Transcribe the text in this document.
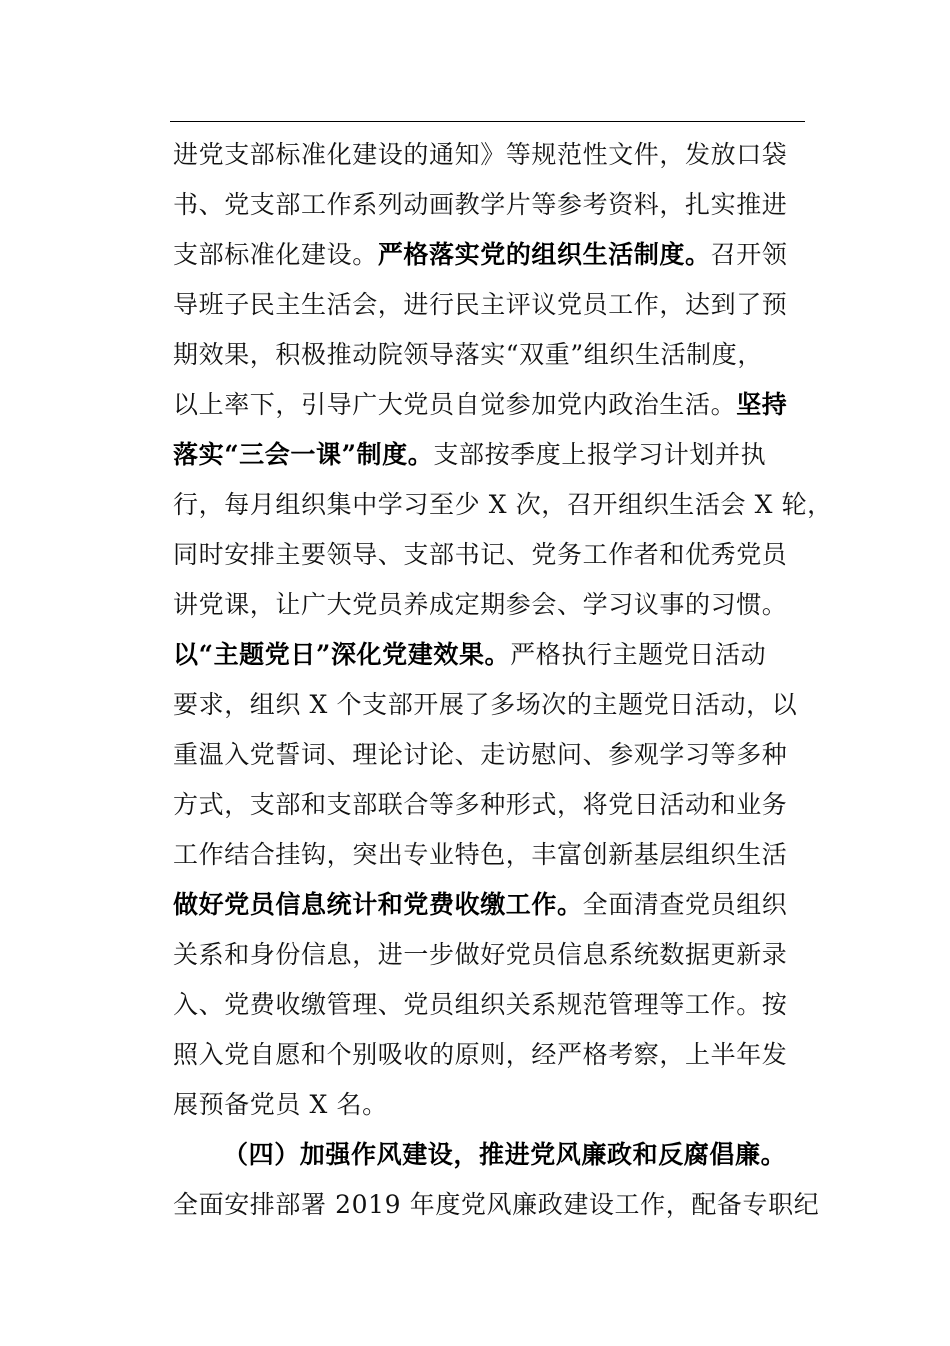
进党支部标准化建设的通知》等规范性文件，发放口袋
书、党支部工作系列动画教学片等参考资料，扎实推进
支部标准化建设。严格落实党的组织生活制度。召开领
导班子民主生活会，进行民主评议党员工作，达到了预
期效果，积极推动院领导落实“双重”组织生活制度，
以上率下，引导广大党员自觉参加党内政治生活。坚持
落实“三会一课”制度。支部按季度上报学习计划并执
行，每月组织集中学习至少 X 次，召开组织生活会 X 轮，
同时安排主要领导、支部书记、党务工作者和优秀党员
讲党课，让广大党员养成定期参会、学习议事的习惯。
以“主题党日”深化党建效果。严格执行主题党日活动
要求，组织 X 个支部开展了多场次的主题党日活动，以
重温入党誓词、理论讨论、走访慰问、参观学习等多种
方式，支部和支部联合等多种形式，将党日活动和业务
工作结合挂钩，突出专业特色，丰富创新基层组织生活
做好党员信息统计和党费收缴工作。全面清查党员组织
关系和身份信息，进一步做好党员信息系统数据更新录
入、党费收缴管理、党员组织关系规范管理等工作。按
照入党自愿和个别吸收的原则，经严格考察，上半年发
展预备党员 X 名。
（四）加强作风建设，推进党风廉政和反腐倡廉。
全面安排部署 2019 年度党风廉政建设工作，配备专职纪
